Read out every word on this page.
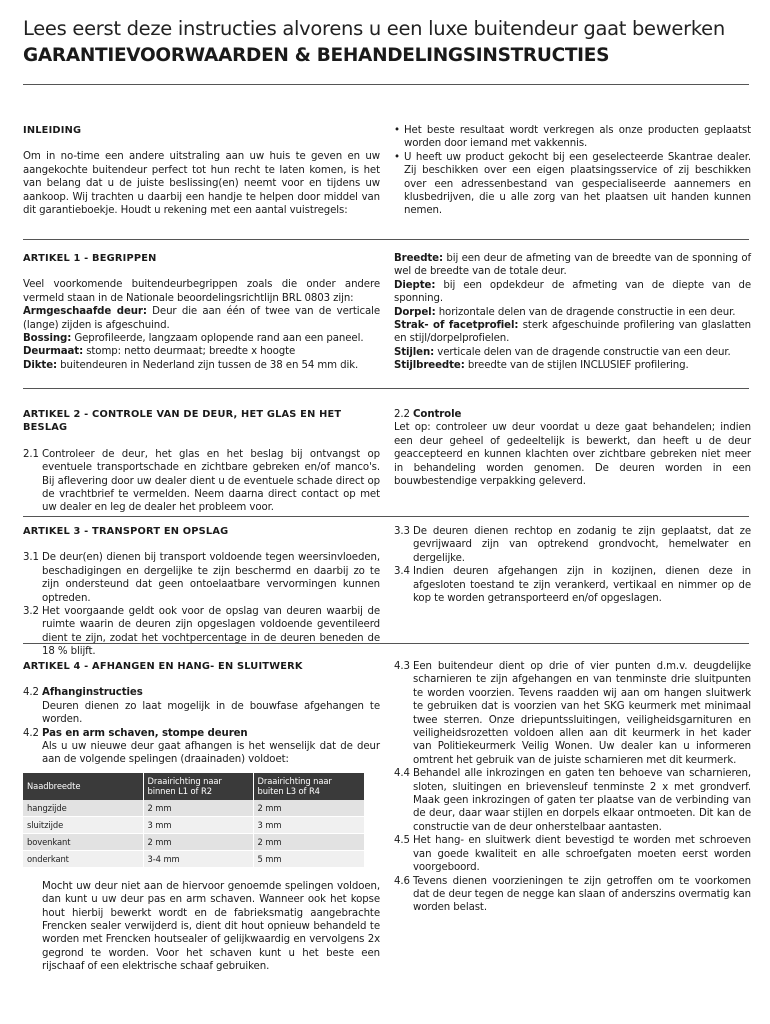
Lees eerst deze instructies alvorens u een luxe buitendeur gaat bewerken
GARANTIEVOORWAARDEN & BEHANDELINGSINSTRUCTIES
INLEIDING
Om in no-time een andere uitstraling aan uw huis te geven en uw aangekochte buitendeur perfect tot hun recht te laten komen, is het van belang dat u de juiste beslissing(en) neemt voor en tijdens uw aankoop. Wij trachten u daarbij een handje te helpen door middel van dit garantieboekje. Houdt u rekening met een aantal vuistregels:
• Het beste resultaat wordt verkregen als onze producten geplaatst worden door iemand met vakkennis.
• U heeft uw product gekocht bij een geselecteerde Skantrae dealer. Zij beschikken over een eigen plaatsingsservice of zij beschikken over een adressenbestand van gespecialiseerde aannemers en klusbedrijven, die u alle zorg van het plaatsen uit handen kunnen nemen.
ARTIKEL 1 - BEGRIPPEN
Veel voorkomende buitendeurbegrippen zoals die onder andere vermeld staan in de Nationale beoordelingsrichtlijn BRL 0803 zijn:
Armgeschaafde deur: Deur die aan één of twee van de verticale (lange) zijden is afgeschuind.
Bossing: Geprofileerde, langzaam oplopende rand aan een paneel.
Deurmaat: stomp: netto deurmaat; breedte x hoogte
Dikte: buitendeuren in Nederland zijn tussen de 38 en 54 mm dik.
Breedte: bij een deur de afmeting van de breedte van de sponning of wel de breedte van de totale deur.
Diepte: bij een opdekdeur de afmeting van de diepte van de sponning.
Dorpel: horizontale delen van de dragende constructie in een deur.
Strak- of facetprofiel: sterk afgeschuinde profilering van glaslatten en stijl/dorpelprofielen.
Stijlen: verticale delen van de dragende constructie van een deur.
Stijlbreedte: breedte van de stijlen INCLUSIEF profilering.
ARTIKEL 2 - CONTROLE VAN DE DEUR, HET GLAS EN HET BESLAG
2.1 Controleer de deur, het glas en het beslag bij ontvangst op eventuele transportschade en zichtbare gebreken en/of manco's. Bij aflevering door uw dealer dient u de eventuele schade direct op de vrachtbrief te vermelden. Neem daarna direct contact op met uw dealer en leg de dealer het probleem voor.
2.2 Controle
Let op: controleer uw deur voordat u deze gaat behandelen; indien een deur geheel of gedeeltelijk is bewerkt, dan heeft u de deur geaccepteerd en kunnen klachten over zichtbare gebreken niet meer in behandeling worden genomen. De deuren worden in een bouwbestendige verpakking geleverd.
ARTIKEL 3 - TRANSPORT EN OPSLAG
3.1 De deur(en) dienen bij transport voldoende tegen weersinvloeden, beschadigingen en dergelijke te zijn beschermd en daarbij zo te zijn ondersteund dat geen ontoelaatbare vervormingen kunnen optreden.
3.2 Het voorgaande geldt ook voor de opslag van deuren waarbij de ruimte waarin de deuren zijn opgeslagen voldoende geventileerd dient te zijn, zodat het vochtpercentage in de deuren beneden de 18 % blijft.
3.3 De deuren dienen rechtop en zodanig te zijn geplaatst, dat ze gevrijwaard zijn van optrekend grondvocht, hemelwater en dergelijke.
3.4 Indien deuren afgehangen zijn in kozijnen, dienen deze in afgesloten toestand te zijn verankerd, vertikaal en nimmer op de kop te worden getransporteerd en/of opgeslagen.
ARTIKEL 4 - AFHANGEN EN HANG- EN SLUITWERK
4.2 Afhanginstructies
Deuren dienen zo laat mogelijk in de bouwfase afgehangen te worden.
4.2 Pas en arm schaven, stompe deuren
Als u uw nieuwe deur gaat afhangen is het wenselijk dat de deur aan de volgende spelingen (draainaden) voldoet:
Naadbreedte	Draairichting naar binnen L1 of R2	Draairichting naar buiten L3 of R4
hangzijde	2 mm	2 mm
sluitzijde	3 mm	3 mm
bovenkant	2 mm	2 mm
onderkant	3-4 mm	5 mm
Mocht uw deur niet aan de hiervoor genoemde spelingen voldoen, dan kunt u uw deur pas en arm schaven. Wanneer ook het kopse hout hierbij bewerkt wordt en de fabrieksmatig aangebrachte Frencken sealer verwijderd is, dient dit hout opnieuw behandeld te worden met Frencken houtsealer of gelijkwaardig en vervolgens 2x gegrond te worden. Voor het schaven kunt u het beste een rijschaaf of een elektrische schaaf gebruiken.
4.3 Een buitendeur dient op drie of vier punten d.m.v. deugdelijke scharnieren te zijn afgehangen en van tenminste drie sluitpunten te worden voorzien. Tevens raadden wij aan om hangen sluitwerk te gebruiken dat is voorzien van het SKG keurmerk met minimaal twee sterren. Onze driepuntssluitingen, veiligheidsgarnituren en veiligheidsrozetten voldoen allen aan dit keurmerk in het kader van Politiekeurmerk Veilig Wonen. Uw dealer kan u informeren omtrent het gebruik van de juiste scharnieren met dit keurmerk.
4.4 Behandel alle inkrozingen en gaten ten behoeve van scharnieren, sloten, sluitingen en brievensleuf tenminste 2 x met grondverf. Maak geen inkrozingen of gaten ter plaatse van de verbinding van de deur, daar waar stijlen en dorpels elkaar ontmoeten. Dit kan de constructie van de deur onherstelbaar aantasten.
4.5 Het hang- en sluitwerk dient bevestigd te worden met schroeven van goede kwaliteit en alle schroefgaten moeten eerst worden voorgeboord.
4.6 Tevens dienen voorzieningen te zijn getroffen om te voorkomen dat de deur tegen de negge kan slaan of anderszins overmatig kan worden belast.
